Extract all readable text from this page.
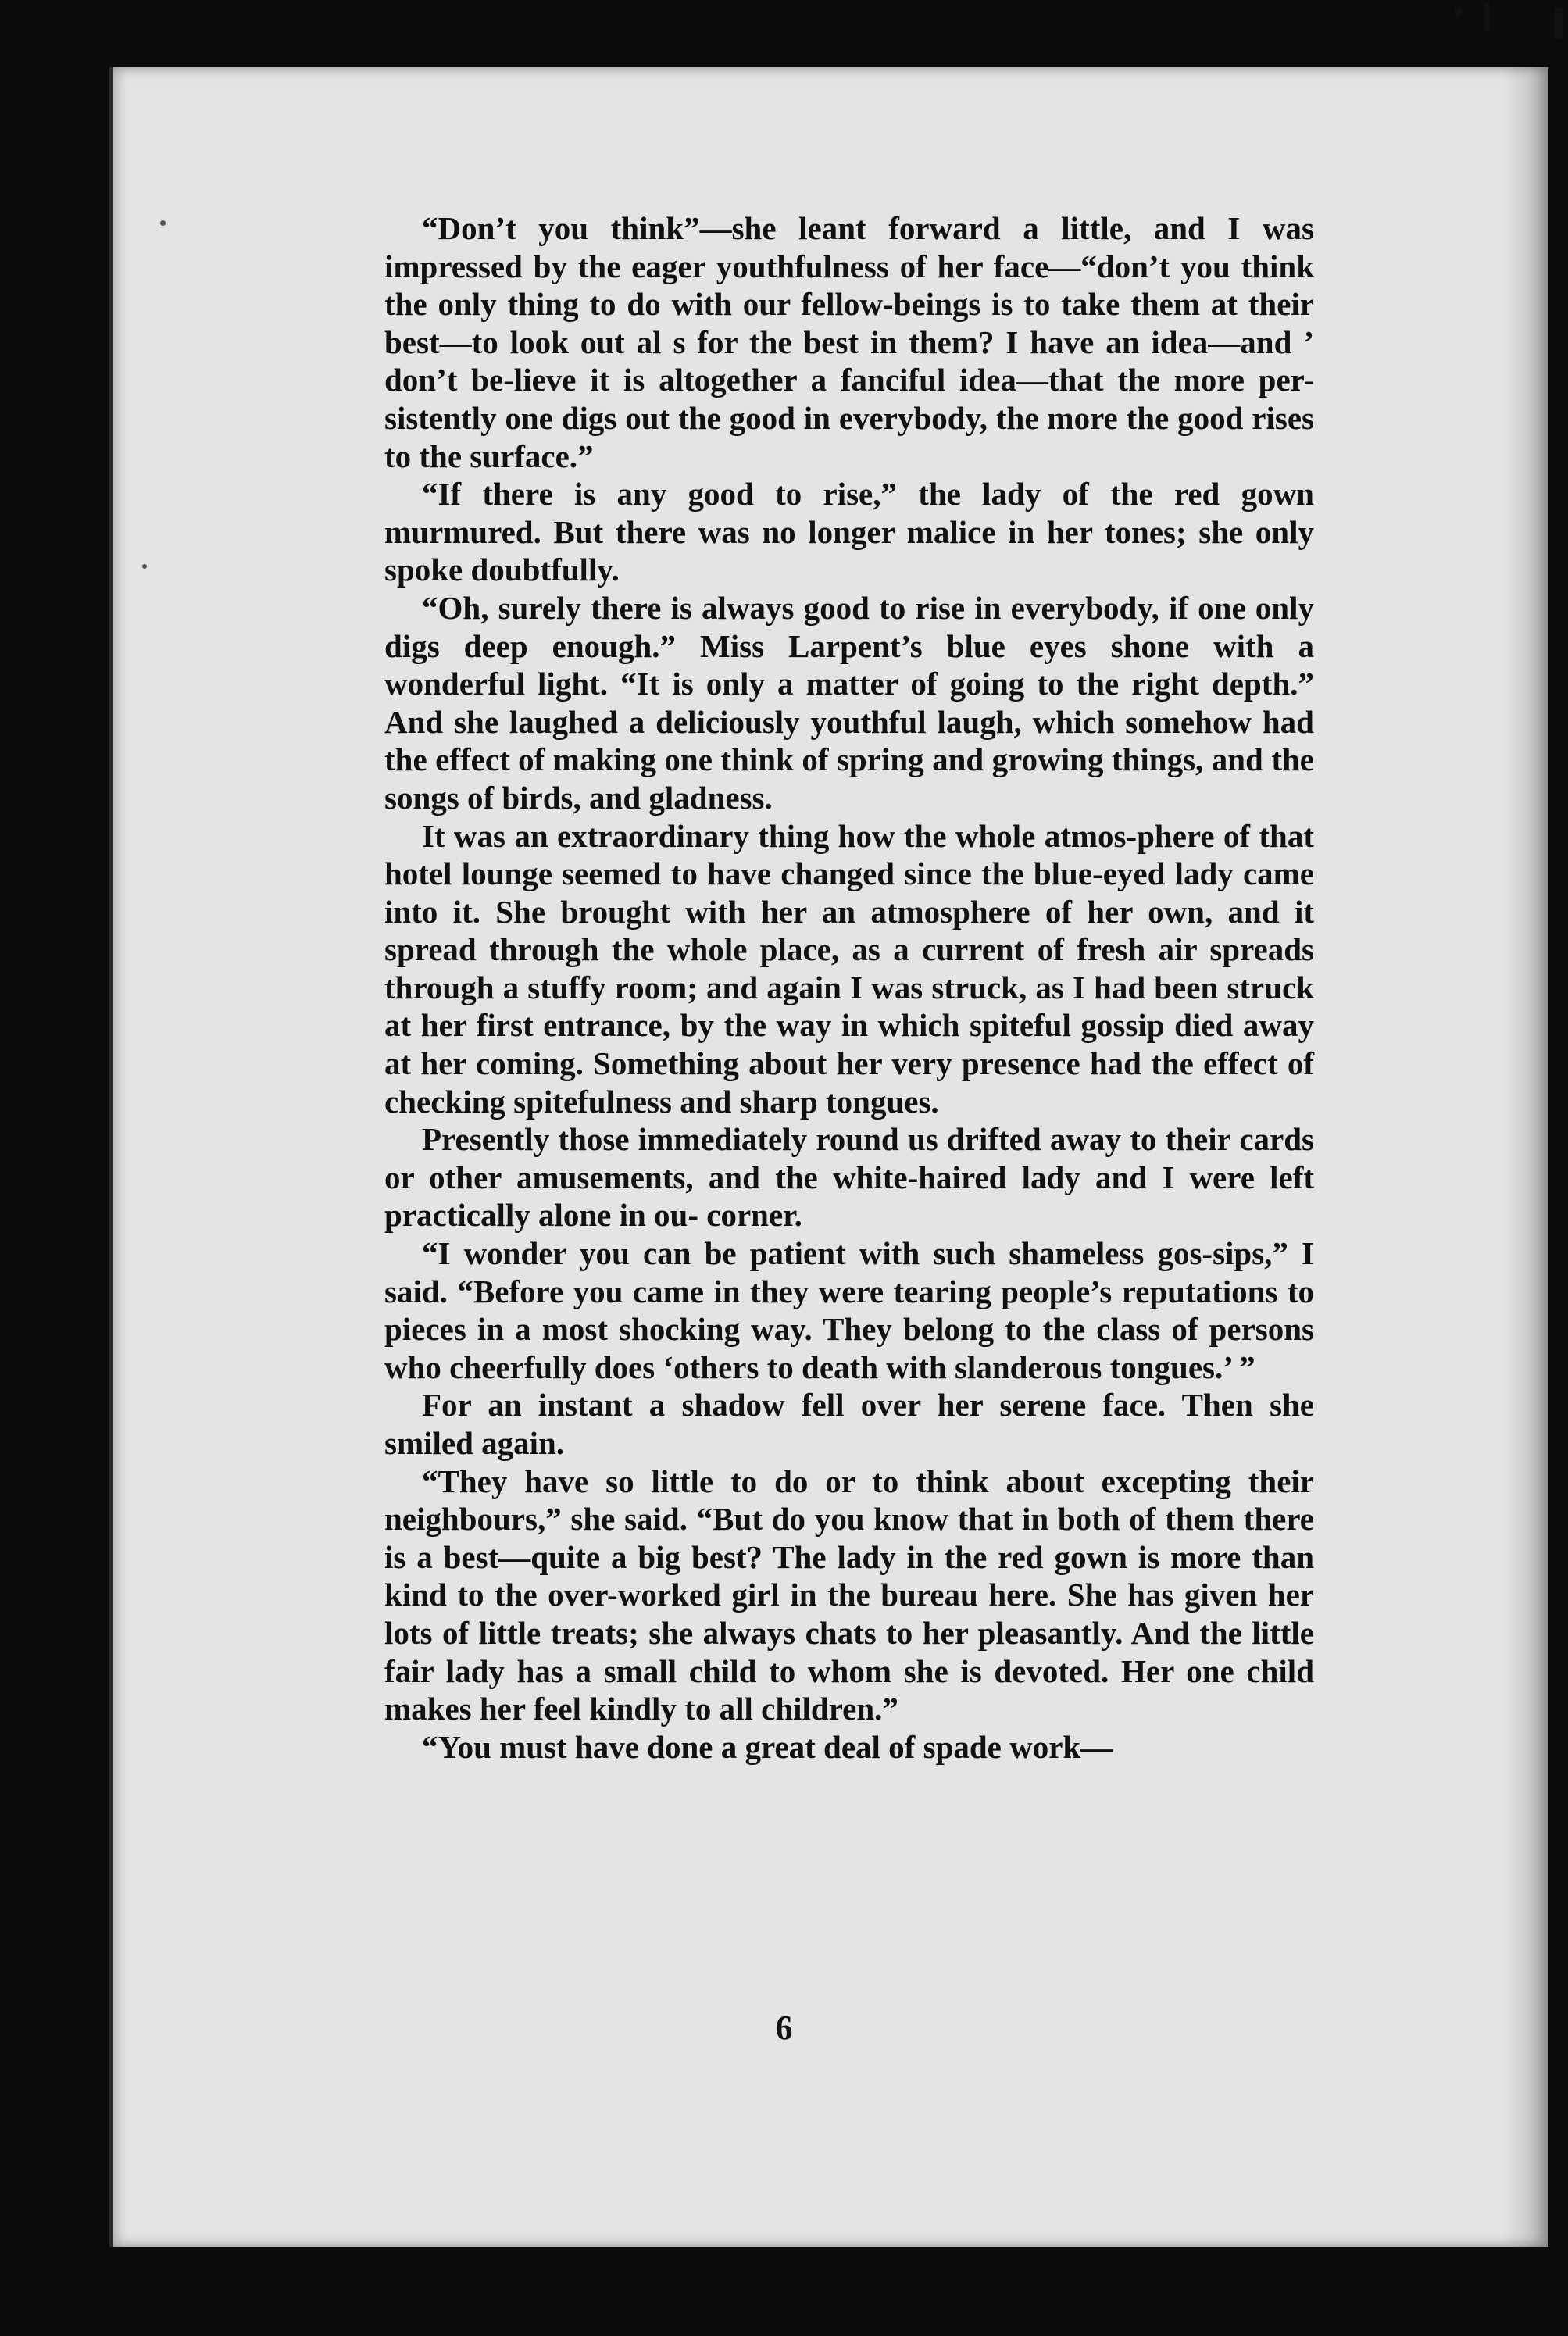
“Don’t you think”—she leant forward a little, and I was impressed by the eager youthfulness of her face—“don’t you think the only thing to do with our fellow-beings is to take them at their best—to look out al s for the best in them? I have an idea—and ’ don’t be-lieve it is altogether a fanciful idea—that the more per-sistently one digs out the good in everybody, the more the good rises to the surface.”

“If there is any good to rise,” the lady of the red gown murmured. But there was no longer malice in her tones; she only spoke doubtfully.

“Oh, surely there is always good to rise in everybody, if one only digs deep enough.” Miss Larpent’s blue eyes shone with a wonderful light. “It is only a matter of going to the right depth.” And she laughed a deliciously youthful laugh, which somehow had the effect of making one think of spring and growing things, and the songs of birds, and gladness.

It was an extraordinary thing how the whole atmos-phere of that hotel lounge seemed to have changed since the blue-eyed lady came into it. She brought with her an atmosphere of her own, and it spread through the whole place, as a current of fresh air spreads through a stuffy room; and again I was struck, as I had been struck at her first entrance, by the way in which spiteful gossip died away at her coming. Something about her very presence had the effect of checking spitefulness and sharp tongues.

Presently those immediately round us drifted away to their cards or other amusements, and the white-haired lady and I were left practically alone in ou- corner.

“I wonder you can be patient with such shameless gos-sips,” I said. “Before you came in they were tearing people’s reputations to pieces in a most shocking way. They belong to the class of persons who cheerfully does ‘others to death with slanderous tongues.’ ”

For an instant a shadow fell over her serene face. Then she smiled again.

“They have so little to do or to think about excepting their neighbours,” she said. “But do you know that in both of them there is a best—quite a big best? The lady in the red gown is more than kind to the over-worked girl in the bureau here. She has given her lots of little treats; she always chats to her pleasantly. And the little fair lady has a small child to whom she is devoted. Her one child makes her feel kindly to all children.”

“You must have done a great deal of spade work—

6
